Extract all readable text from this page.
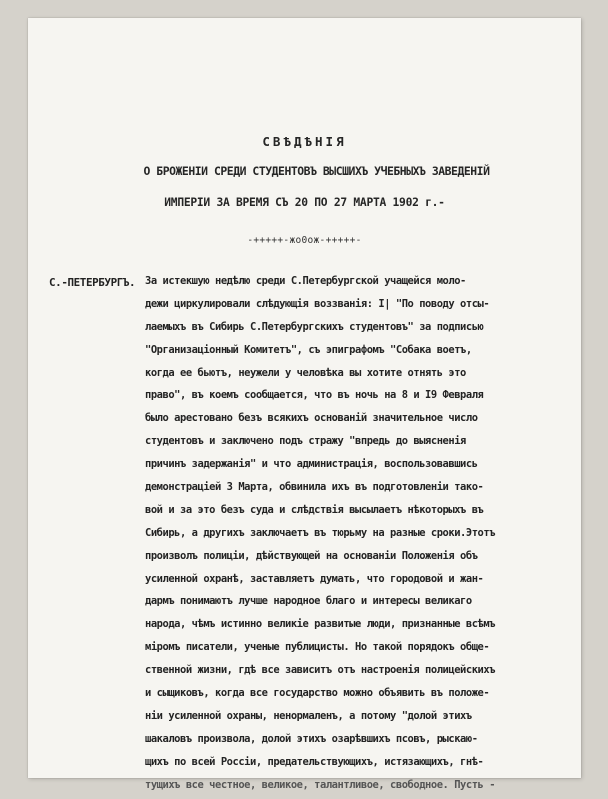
СВѢДѢНIЯ
О БРОЖЕНIИ СРЕДИ СТУДЕНТОВЪ ВЫСШИХЪ УЧЕБНЫХЪ ЗАВЕДЕНIЙ
ИМПЕРIИ ЗА ВРЕМЯ СЪ 20 ПО 27 МАРТА 1902 г.-
-+++++-жо0ож-+++++-
С.-ПЕТЕРБУРГЪ. За истекшую недѣлю среди С.Петербургской учащейся моло-
дежи циркулировали слѣдующiя воззванiя: I| "По поводу отсы-
лаемыхъ въ Сибирь С.Петербургскихъ студентовъ" за подписью
"Организацiонный Комитетъ", съ эпиграфомъ "Собака воетъ,
когда ее бьютъ, неужели у человѣка вы хотите отнять это
право", въ коемъ сообщается, что въ ночь на 8 и I9 Февраля
было арестовано безъ всякихъ основанiй значительное число
студентовъ и заключено подъ стражу "впредь до выясненiя
причинъ задержанiя" и что администрацiя, воспользовавшись
демонстрацiей 3 Марта, обвинила ихъ въ подготовленiи тако-
вой и за это безъ суда и слѣдствiя высылаетъ нѣкоторыхъ въ
Сибирь, а другихъ заключаетъ въ тюрьму на разные сроки.Этотъ
произволъ полицiи, дѣйствующей на основанiи Положенiя объ
усиленной охранѣ, заставляетъ думать, что городовой и жан-
дармъ понимаютъ лучше народное благо и интересы великаго
народа, чѣмъ истинно великiе развитые люди, признанные всѣмъ
мiромъ писатели, ученые публицисты. Но такой порядокъ обще-
ственной жизни, гдѣ все зависитъ отъ настроенiя полицейскихъ
и сыщиковъ, когда все государство можно объявить въ положе-
нiи усиленной охраны, ненормаленъ, а потому "долой этихъ
шакаловъ произвола, долой этихъ озарѣвшихъ псовъ, рыскаю-
щихъ по всей Россiи, предательствующихъ, истязающихъ, гнѣ-
тущихъ все честное, великое, талантливое, свободное. Пусть -
